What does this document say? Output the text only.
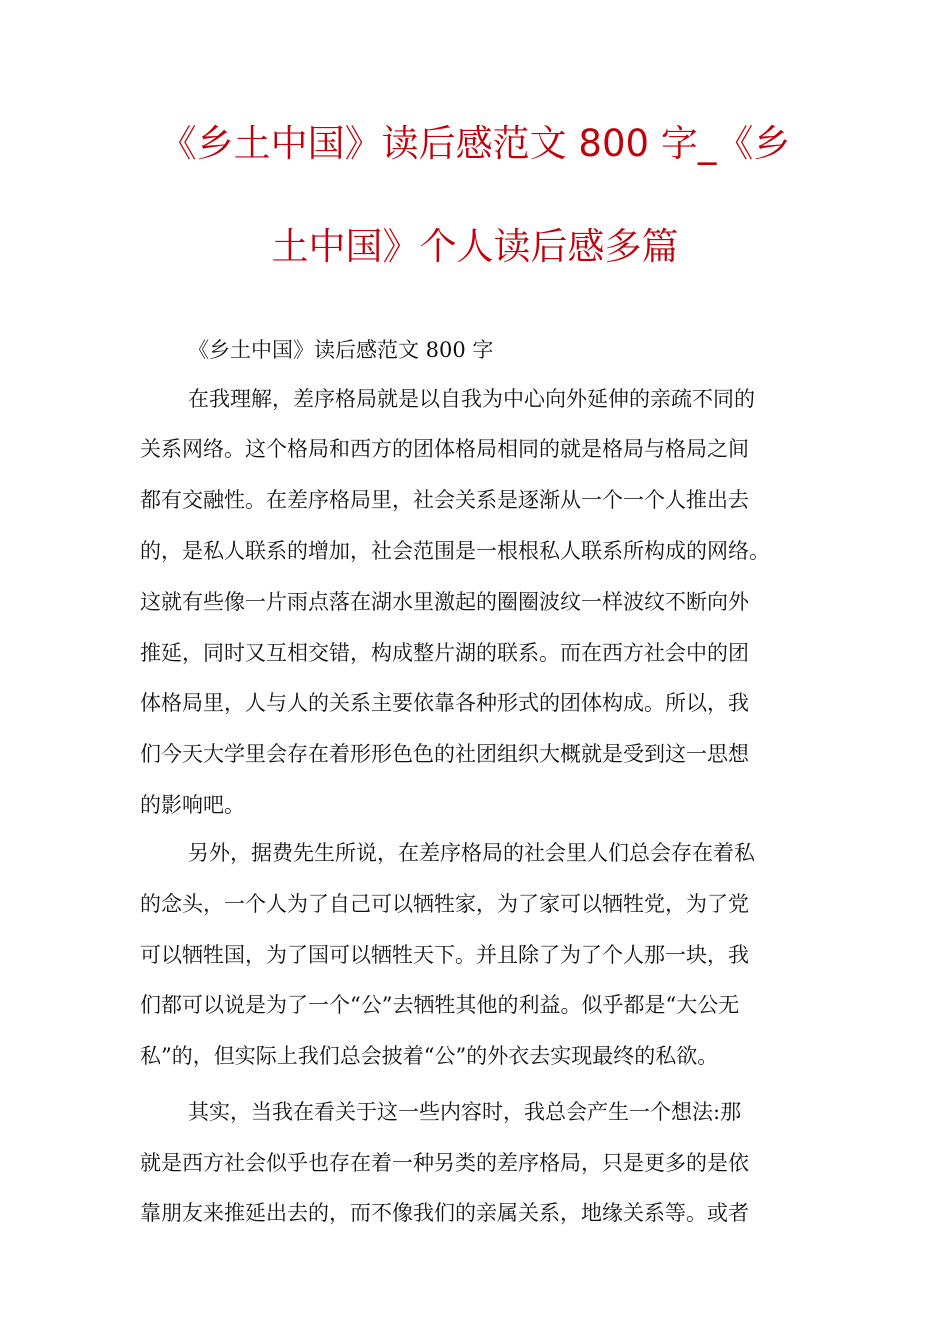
《乡土中国》读后感范文 800 字_《乡
土中国》个人读后感多篇
《乡土中国》读后感范文 800 字
在我理解，差序格局就是以自我为中心向外延伸的亲疏不同的
关系网络。这个格局和西方的团体格局相同的就是格局与格局之间
都有交融性。在差序格局里，社会关系是逐渐从一个一个人推出去
的，是私人联系的增加，社会范围是一根根私人联系所构成的网络。
这就有些像一片雨点落在湖水里激起的圈圈波纹一样波纹不断向外
推延，同时又互相交错，构成整片湖的联系。而在西方社会中的团
体格局里，人与人的关系主要依靠各种形式的团体构成。所以，我
们今天大学里会存在着形形色色的社团组织大概就是受到这一思想
的影响吧。
另外，据费先生所说，在差序格局的社会里人们总会存在着私
的念头，一个人为了自己可以牺牲家，为了家可以牺牲党，为了党
可以牺牲国，为了国可以牺牲天下。并且除了为了个人那一块，我
们都可以说是为了一个“公”去牺牲其他的利益。似乎都是“大公无
私”的，但实际上我们总会披着“公”的外衣去实现最终的私欲。
其实，当我在看关于这一些内容时，我总会产生一个想法:那
就是西方社会似乎也存在着一种另类的差序格局，只是更多的是依
靠朋友来推延出去的，而不像我们的亲属关系，地缘关系等。或者
